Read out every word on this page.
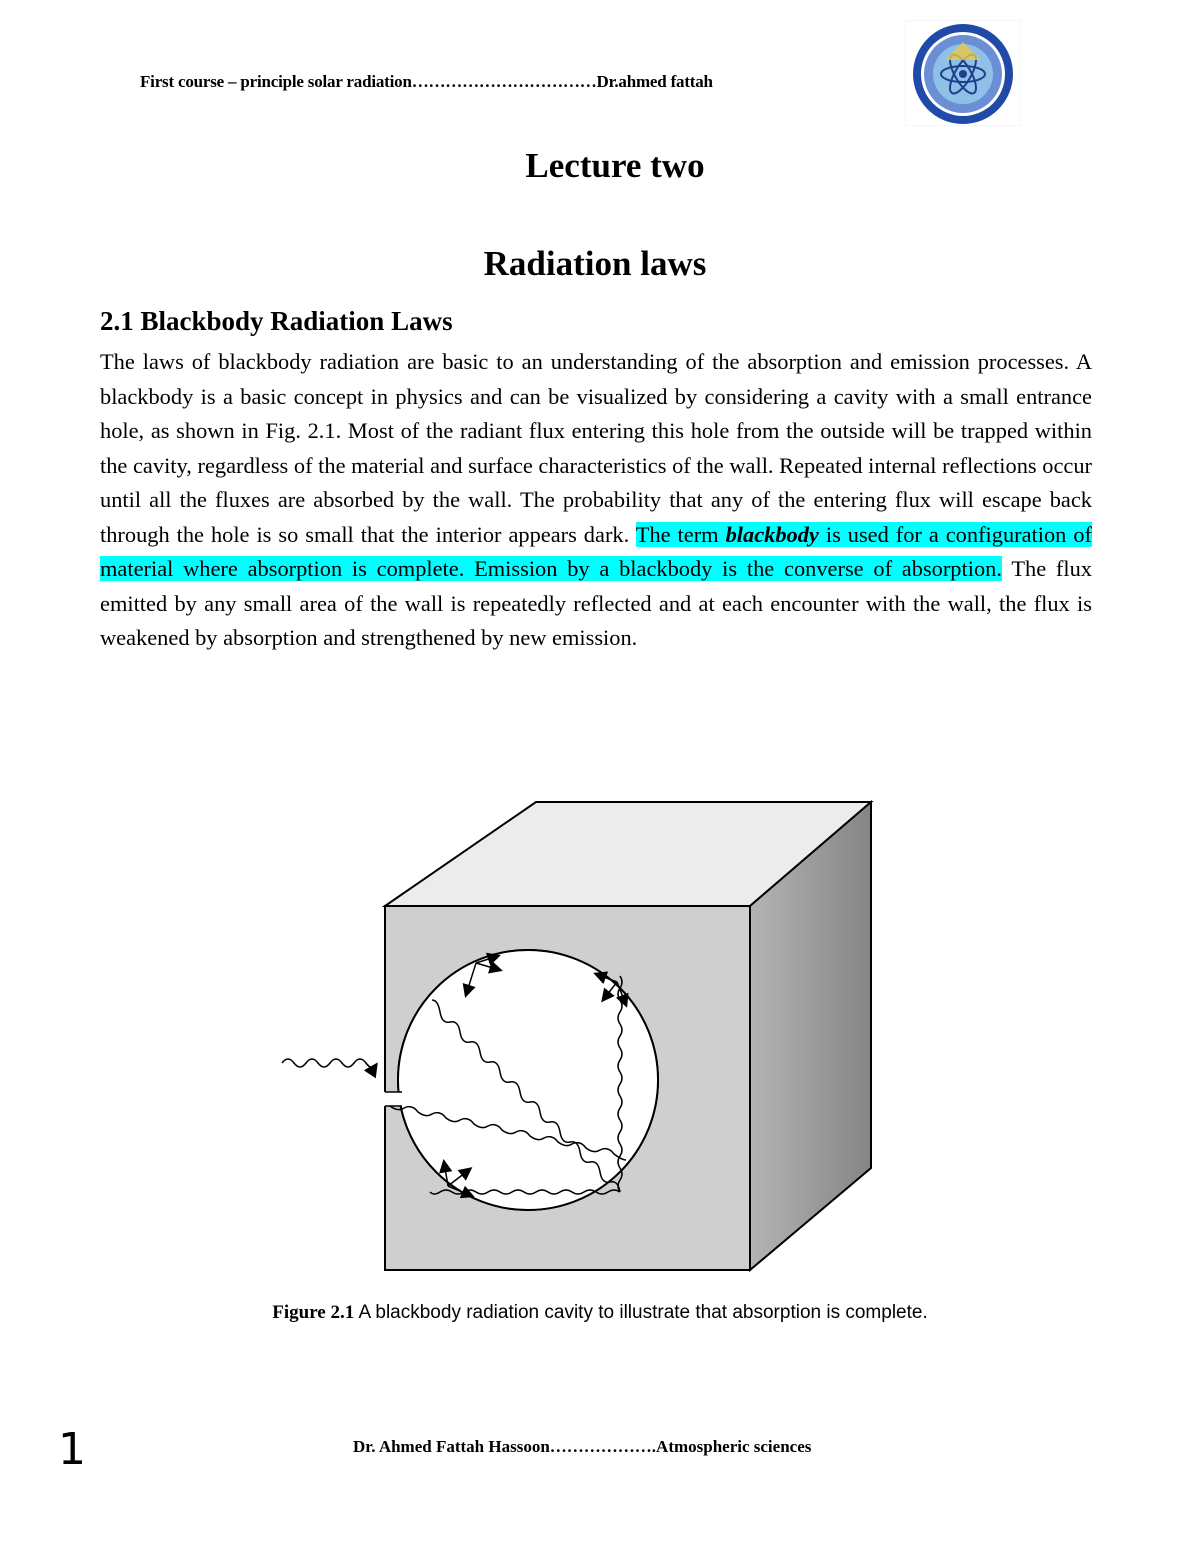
First course – principle solar radiation……………………………Dr.ahmed fattah
Lecture two
Radiation laws
2.1 Blackbody Radiation Laws
The laws of blackbody radiation are basic to an understanding of the absorption and emission processes. A blackbody is a basic concept in physics and can be visualized by considering a cavity with a small entrance hole, as shown in Fig. 2.1. Most of the radiant flux entering this hole from the outside will be trapped within the cavity, regardless of the material and surface characteristics of the wall. Repeated internal reflections occur until all the fluxes are absorbed by the wall. The probability that any of the entering flux will escape back through the hole is so small that the interior appears dark. The term blackbody is used for a configuration of material where absorption is complete. Emission by a blackbody is the converse of absorption. The flux emitted by any small area of the wall is repeatedly reflected and at each encounter with the wall, the flux is weakened by absorption and strengthened by new emission.
Figure 2.1 A blackbody radiation cavity to illustrate that absorption is complete.
1	Dr. Ahmed Fattah Hassoon……………….Atmospheric sciences
